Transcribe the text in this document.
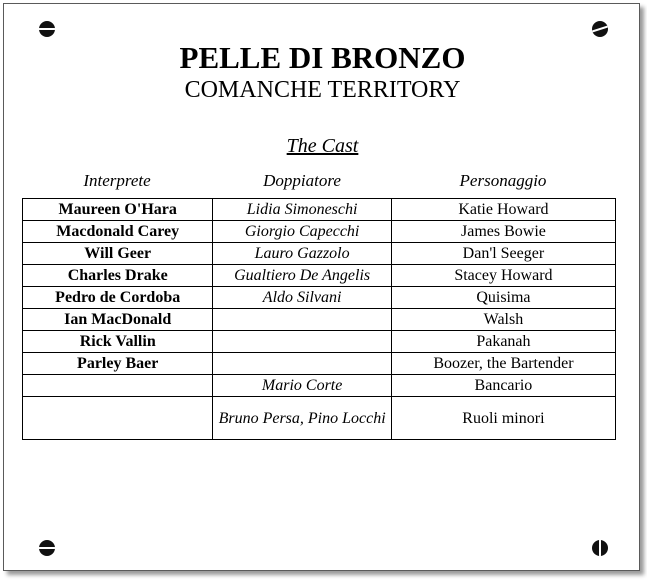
PELLE DI BRONZO
COMANCHE TERRITORY
The Cast
Interprete	Doppiatore	Personaggio
Maureen O'Hara	Lidia Simoneschi	Katie Howard
Macdonald Carey	Giorgio Capecchi	James Bowie
Will Geer	Lauro Gazzolo	Dan'l Seeger
Charles Drake	Gualtiero De Angelis	Stacey Howard
Pedro de Cordoba	Aldo Silvani	Quisima
Ian MacDonald		Walsh
Rick Vallin		Pakanah
Parley Baer		Boozer, the Bartender
	Mario Corte	Bancario
	Bruno Persa, Pino Locchi	Ruoli minori
